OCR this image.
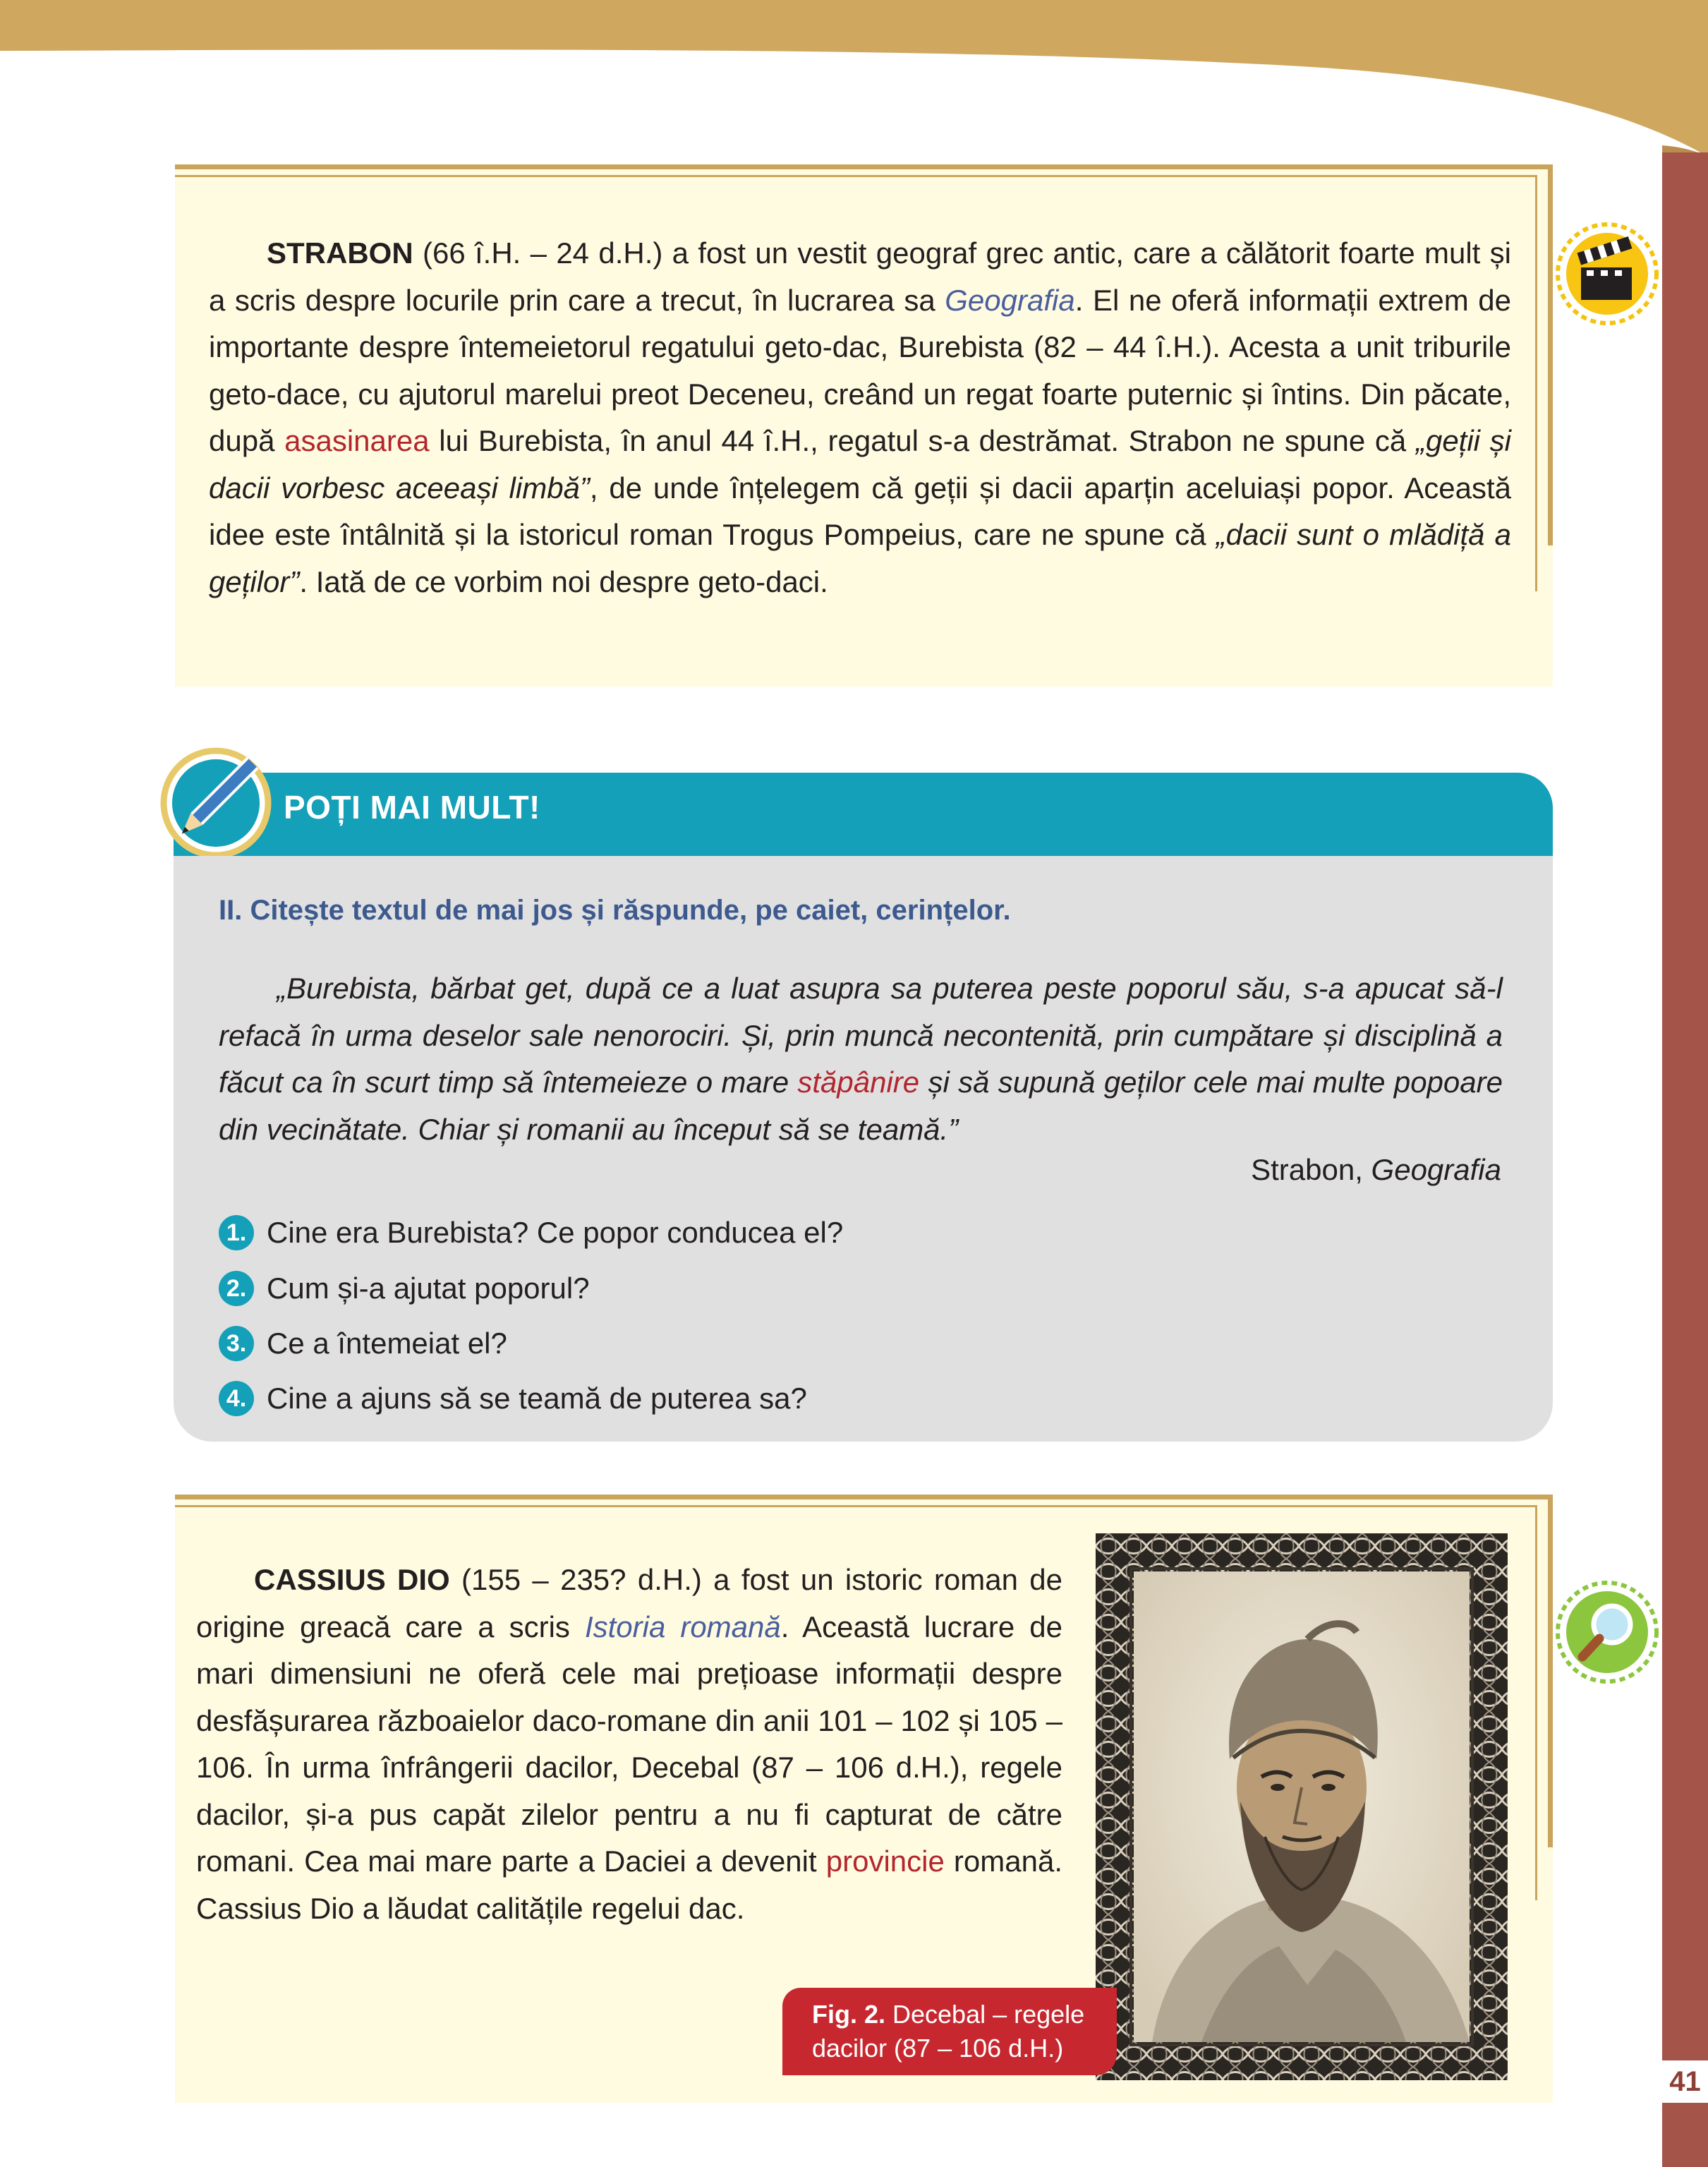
41
STRABON (66 î.H. – 24 d.H.) a fost un vestit geograf grec antic, care a călătorit foarte mult și a scris despre locurile prin care a trecut, în lucrarea sa Geografia. El ne oferă informații extrem de importante despre întemeietorul regatului geto-dac, Burebista (82 – 44 î.H.). Acesta a unit triburile geto-dace, cu ajutorul marelui preot Deceneu, creând un regat foarte puternic și întins. Din păcate, după asasinarea lui Burebista, în anul 44 î.H., regatul s-a destrămat. Strabon ne spune că „geții și dacii vorbesc aceeași limbă”, de unde înțelegem că geții și dacii aparțin aceluiași popor. Această idee este întâlnită și la istoricul roman Trogus Pompeius, care ne spune că „dacii sunt o mlădiță a geților”. Iată de ce vorbim noi despre geto-daci.
POȚI MAI MULT!
II. Citește textul de mai jos și răspunde, pe caiet, cerințelor.
„Burebista, bărbat get, după ce a luat asupra sa puterea peste poporul său, s-a apucat să-l refacă în urma deselor sale nenorociri. Și, prin muncă necontenită, prin cumpătare și disciplină a făcut ca în scurt timp să întemeieze o mare stăpânire și să supună geților cele mai multe popoare din vecinătate. Chiar și romanii au început să se teamă.”
Strabon, Geografia
1. Cine era Burebista? Ce popor conducea el?
2. Cum și-a ajutat poporul?
3. Ce a întemeiat el?
4. Cine a ajuns să se teamă de puterea sa?
CASSIUS DIO (155 – 235? d.H.) a fost un istoric roman de origine greacă care a scris Istoria romană. Această lucrare de mari dimensiuni ne oferă cele mai prețioase informații despre desfășurarea războaielor daco-romane din anii 101 – 102 și 105 – 106. În urma înfrângerii dacilor, Decebal (87 – 106 d.H.), regele dacilor, și-a pus capăt zilelor pentru a nu fi capturat de către romani. Cea mai mare parte a Daciei a devenit provincie romană. Cassius Dio a lăudat calitățile regelui dac.
Fig. 2. Decebal – regele dacilor (87 – 106 d.H.)
